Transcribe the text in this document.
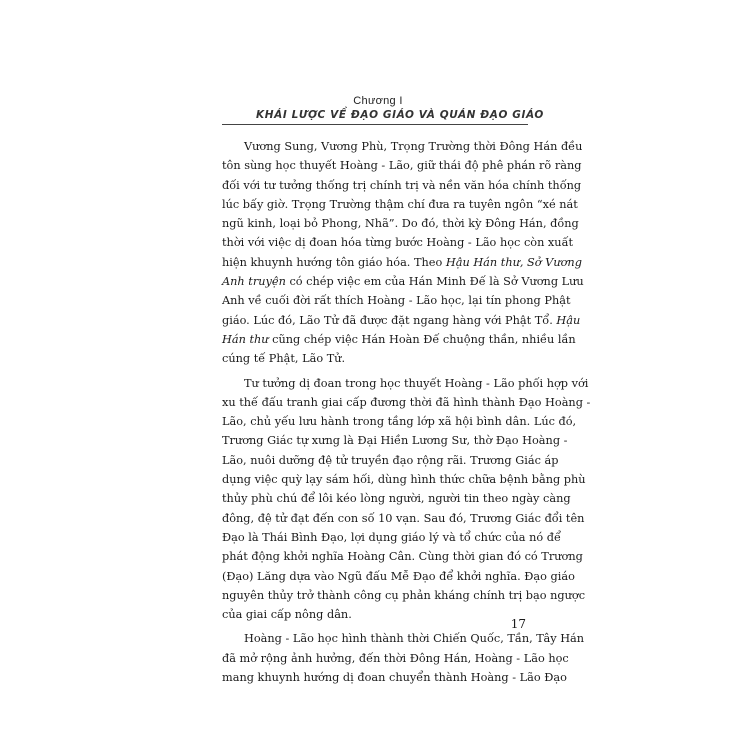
Chương I
KHÁI LƯỢC VỀ ĐẠO GIÁO VÀ QUÁN ĐẠO GIÁO
Vương Sung, Vương Phù, Trọng Trường thời Đông Hán đều
tôn sùng học thuyết Hoàng - Lão, giữ thái độ phê phán rõ ràng
đối với tư tưởng thống trị chính trị và nền văn hóa chính thống
lúc bấy giờ. Trọng Trường thậm chí đưa ra tuyên ngôn “xé nát
ngũ kinh, loại bỏ Phong, Nhã”. Do đó, thời kỳ Đông Hán, đồng
thời với việc dị đoan hóa từng bước Hoàng - Lão học còn xuất
hiện khuynh hướng tôn giáo hóa. Theo Hậu Hán thư, Sở Vương
Anh truyện có chép việc em của Hán Minh Đế là Sở Vương Lưu
Anh về cuối đời rất thích Hoàng - Lão học, lại tín phong Phật
giáo. Lúc đó, Lão Tử đã được đặt ngang hàng với Phật Tổ. Hậu
Hán thư cũng chép việc Hán Hoàn Đế chuộng thần, nhiều lần
cúng tế Phật, Lão Tử.
Tư tưởng dị đoan trong học thuyết Hoàng - Lão phối hợp với
xu thế đấu tranh giai cấp đương thời đã hình thành Đạo Hoàng -
Lão, chủ yếu lưu hành trong tầng lớp xã hội bình dân. Lúc đó,
Trương Giác tự xưng là Đại Hiền Lương Sư, thờ Đạo Hoàng -
Lão, nuôi dưỡng đệ tử truyền đạo rộng rãi. Trương Giác áp
dụng việc quỳ lạy sám hối, dùng hình thức chữa bệnh bằng phù
thủy phù chú để lôi kéo lòng người, người tin theo ngày càng
đông, đệ tử đạt đến con số 10 vạn. Sau đó, Trương Giác đổi tên
Đạo là Thái Bình Đạo, lợi dụng giáo lý và tổ chức của nó để
phát động khởi nghĩa Hoàng Cân. Cùng thời gian đó có Trương
(Đạo) Lăng dựa vào Ngũ đấu Mễ Đạo để khởi nghĩa. Đạo giáo
nguyên thủy trở thành công cụ phản kháng chính trị bạo ngược
của giai cấp nông dân.
Hoàng - Lão học hình thành thời Chiến Quốc, Tần, Tây Hán
đã mở rộng ảnh hưởng, đến thời Đông Hán, Hoàng - Lão học
mang khuynh hướng dị đoan chuyển thành Hoàng - Lão Đạo
17
